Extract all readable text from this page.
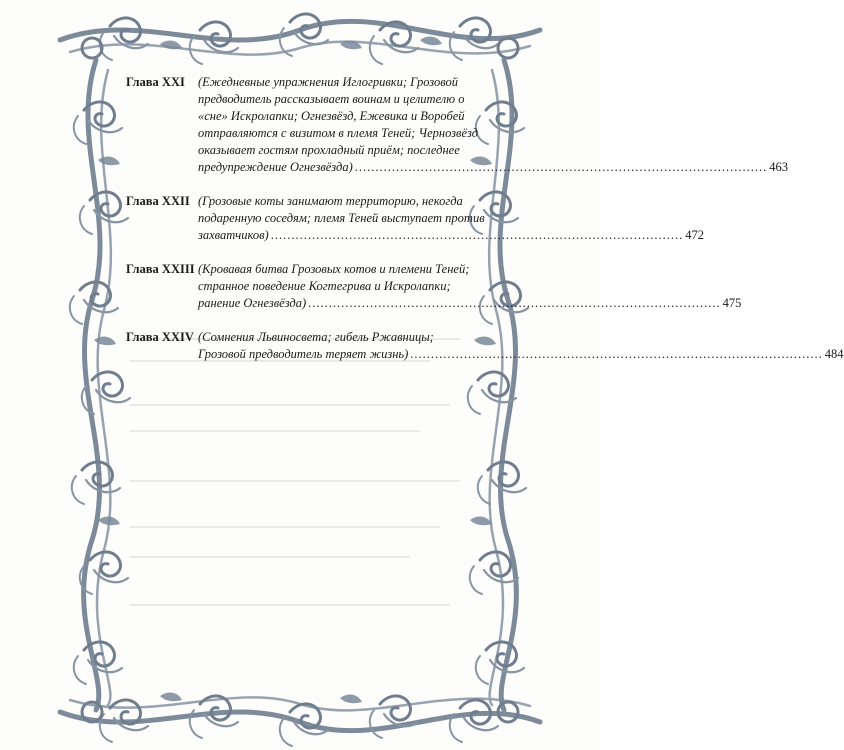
Глава XXI	(Ежедневные упражнения Иглогривки; Грозовой
предводитель рассказывает воинам и целителю о
«сне» Искролапки; Огнезвёзд, Ежевика и Воробей
отправляются с визитом в племя Теней; Чернозвёзд
оказывает гостям прохладный приём; последнее
предупреждение Огнезвёзда) .....	463
Глава XXII (Грозовые коты занимают территорию, некогда
подаренную соседям; племя Теней выступает против
захватчиков) .....	472
Глава XXIII (Кровавая битва Грозовых котов и племени Теней;
странное поведение Когтегрива и Искролапки;
ранение Огнезвёзда) .....	475
Глава XXIV (Сомнения Львиносвета; гибель Ржавницы;
Грозовой предводитель теряет жизнь) .....	484
